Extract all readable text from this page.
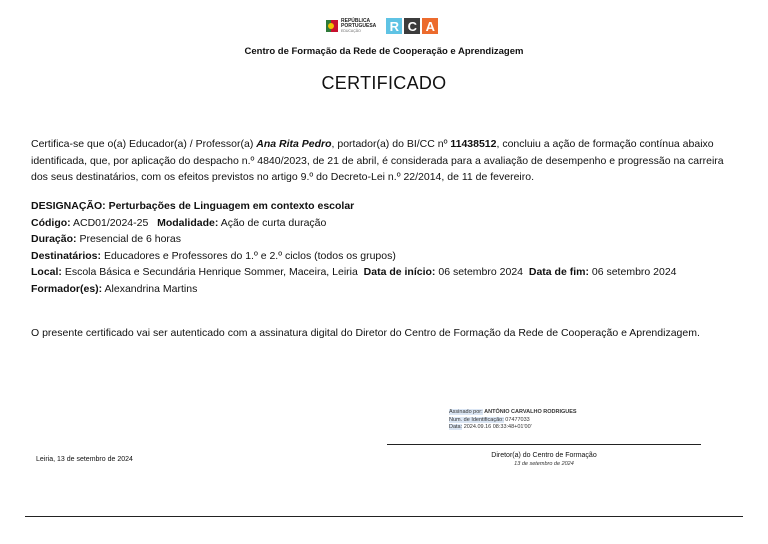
REPÚBLICA
PORTUGUESA
EDUCAÇÃO	R C A
Centro de Formação da Rede de Cooperação e Aprendizagem
CERTIFICADO
Certifica-se que o(a) Educador(a) / Professor(a) Ana Rita Pedro, portador(a) do BI/CC nº 11438512, concluiu a ação de formação contínua abaixo identificada, que, por aplicação do despacho n.º 4840/2023, de 21 de abril, é considerada para a avaliação de desempenho e progressão na carreira dos seus destinatários, com os efeitos previstos no artigo 9.º do Decreto-Lei n.º 22/2014, de 11 de fevereiro.
DESIGNAÇÃO: Perturbações de Linguagem em contexto escolar
Código: ACD01/2024-25 Modalidade: Ação de curta duração
Duração: Presencial de 6 horas
Destinatários: Educadores e Professores do 1.º e 2.º ciclos (todos os grupos)
Local: Escola Básica e Secundária Henrique Sommer, Maceira, Leiria Data de início: 06 setembro 2024 Data de fim: 06 setembro 2024
Formador(es): Alexandrina Martins
O presente certificado vai ser autenticado com a assinatura digital do Diretor do Centro de Formação da Rede de Cooperação e Aprendizagem.
Assinado por: ANTÓNIO CARVALHO RODRIGUES
Num. de Identificação: 07477033
Data: 2024.09.16 08:33:48+01'00'
Diretor(a) do Centro de Formação
13 de setembro de 2024
Leiria, 13 de setembro de 2024
